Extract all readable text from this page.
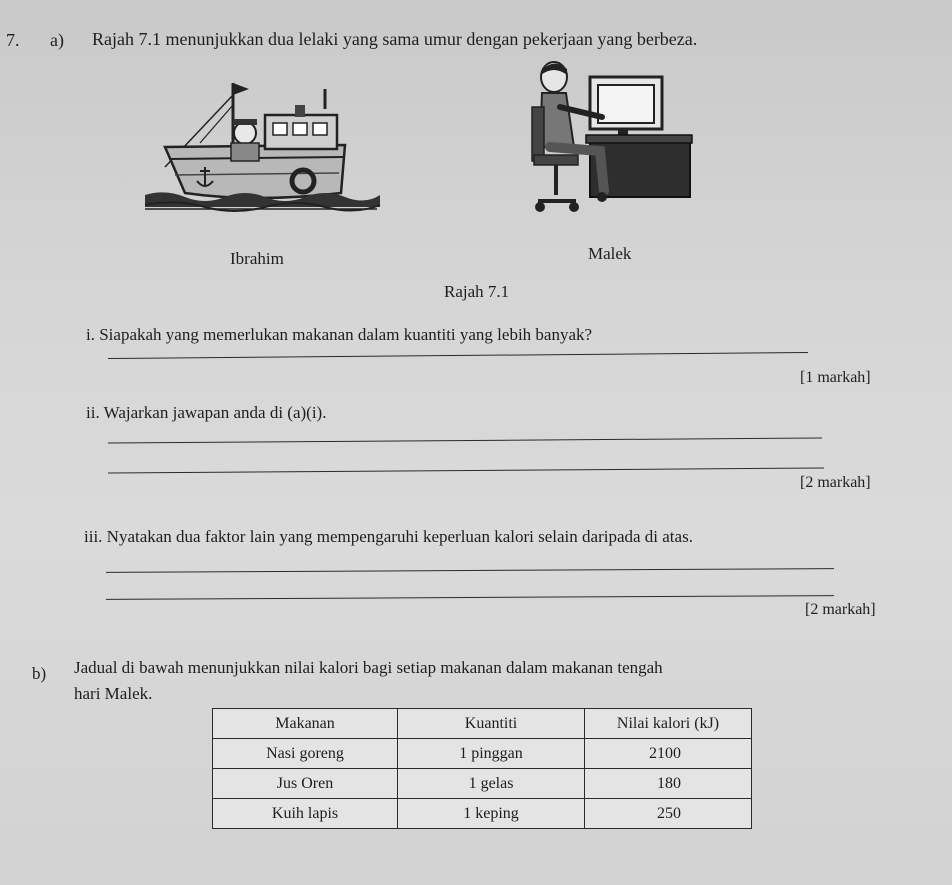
7. a) Rajah 7.1 menunjukkan dua lelaki yang sama umur dengan pekerjaan yang berbeza.
Ibrahim	Malek
Rajah 7.1
i. Siapakah yang memerlukan makanan dalam kuantiti yang lebih banyak?
[1 markah]
ii. Wajarkan jawapan anda di (a)(i).
[2 markah]
iii. Nyatakan dua faktor lain yang mempengaruhi keperluan kalori selain daripada di atas.
[2 markah]
b) Jadual di bawah menunjukkan nilai kalori bagi setiap makanan dalam makanan tengah
hari Malek.
Makanan	Kuantiti	Nilai kalori (kJ)
Nasi goreng	1 pinggan	2100
Jus Oren	1 gelas	180
Kuih lapis	1 keping	250
